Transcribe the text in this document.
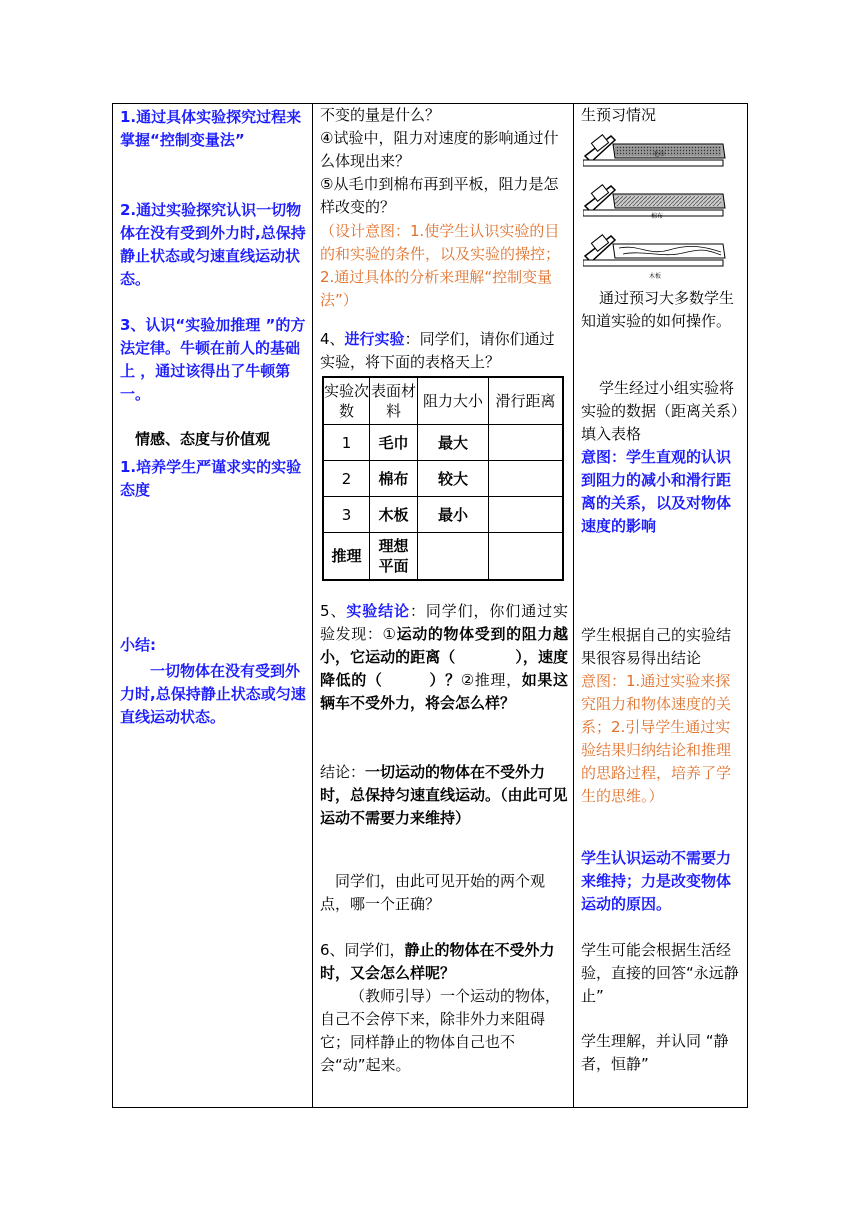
1.通过具体实验探究过程来掌握“控制变量法”

2.通过实验探究认识一切物体在没有受到外力时,总保持静止状态或匀速直线运动状态。

3、认识“实验加推理 ”的方法定律。牛顿在前人的基础上 ，通过该得出了牛顿第一。

情感、态度与价值观

1.培养学生严谨求实的实验态度

小结:

一切物体在没有受到外力时,总保持静止状态或匀速直线运动状态。

不变的量是什么？

④试验中，阻力对速度的影响通过什么体现出来？

⑤从毛巾到棉布再到平板，阻力是怎样改变的？

（设计意图：1.使学生认识实验的目的和实验的条件，以及实验的操控；2.通过具体的分析来理解“控制变量法”）

4、进行实验：同学们，请你们通过实验，将下面的表格天上？

实验次数	表面材料	阻力大小	滑行距离
1	毛巾	最大	
2	棉布	较大	
3	木板	最小	
推理	理想平面		

5、实验结论：同学们，你们通过实验发现：①运动的物体受到的阻力越小，它运动的距离（　　　　），速度降低的（　　　）？②推理，如果这辆车不受外力，将会怎么样？

结论：一切运动的物体在不受外力时，总保持匀速直线运动。（由此可见运动不需要力来维持）

同学们，由此可见开始的两个观点，哪一个正确？

6、同学们，静止的物体在不受外力时，又会怎么样呢？

（教师引导）一个运动的物体，自己不会停下来，除非外力来阻碍它；同样静止的物体自己也不会“动”起来。

生预习情况

毛巾
棉布
木板

通过预习大多数学生知道实验的如何操作。

学生经过小组实验将实验的数据（距离关系）填入表格

意图：学生直观的认识到阻力的减小和滑行距离的关系，以及对物体速度的影响

学生根据自己的实验结果很容易得出结论

意图：1.通过实验来探究阻力和物体速度的关系；2.引导学生通过实验结果归纳结论和推理的思路过程，培养了学生的思维。）

学生认识运动不需要力来维持；力是改变物体运动的原因。

学生可能会根据生活经验，直接的回答“永远静止”

学生理解，并认同 “静者，恒静”
